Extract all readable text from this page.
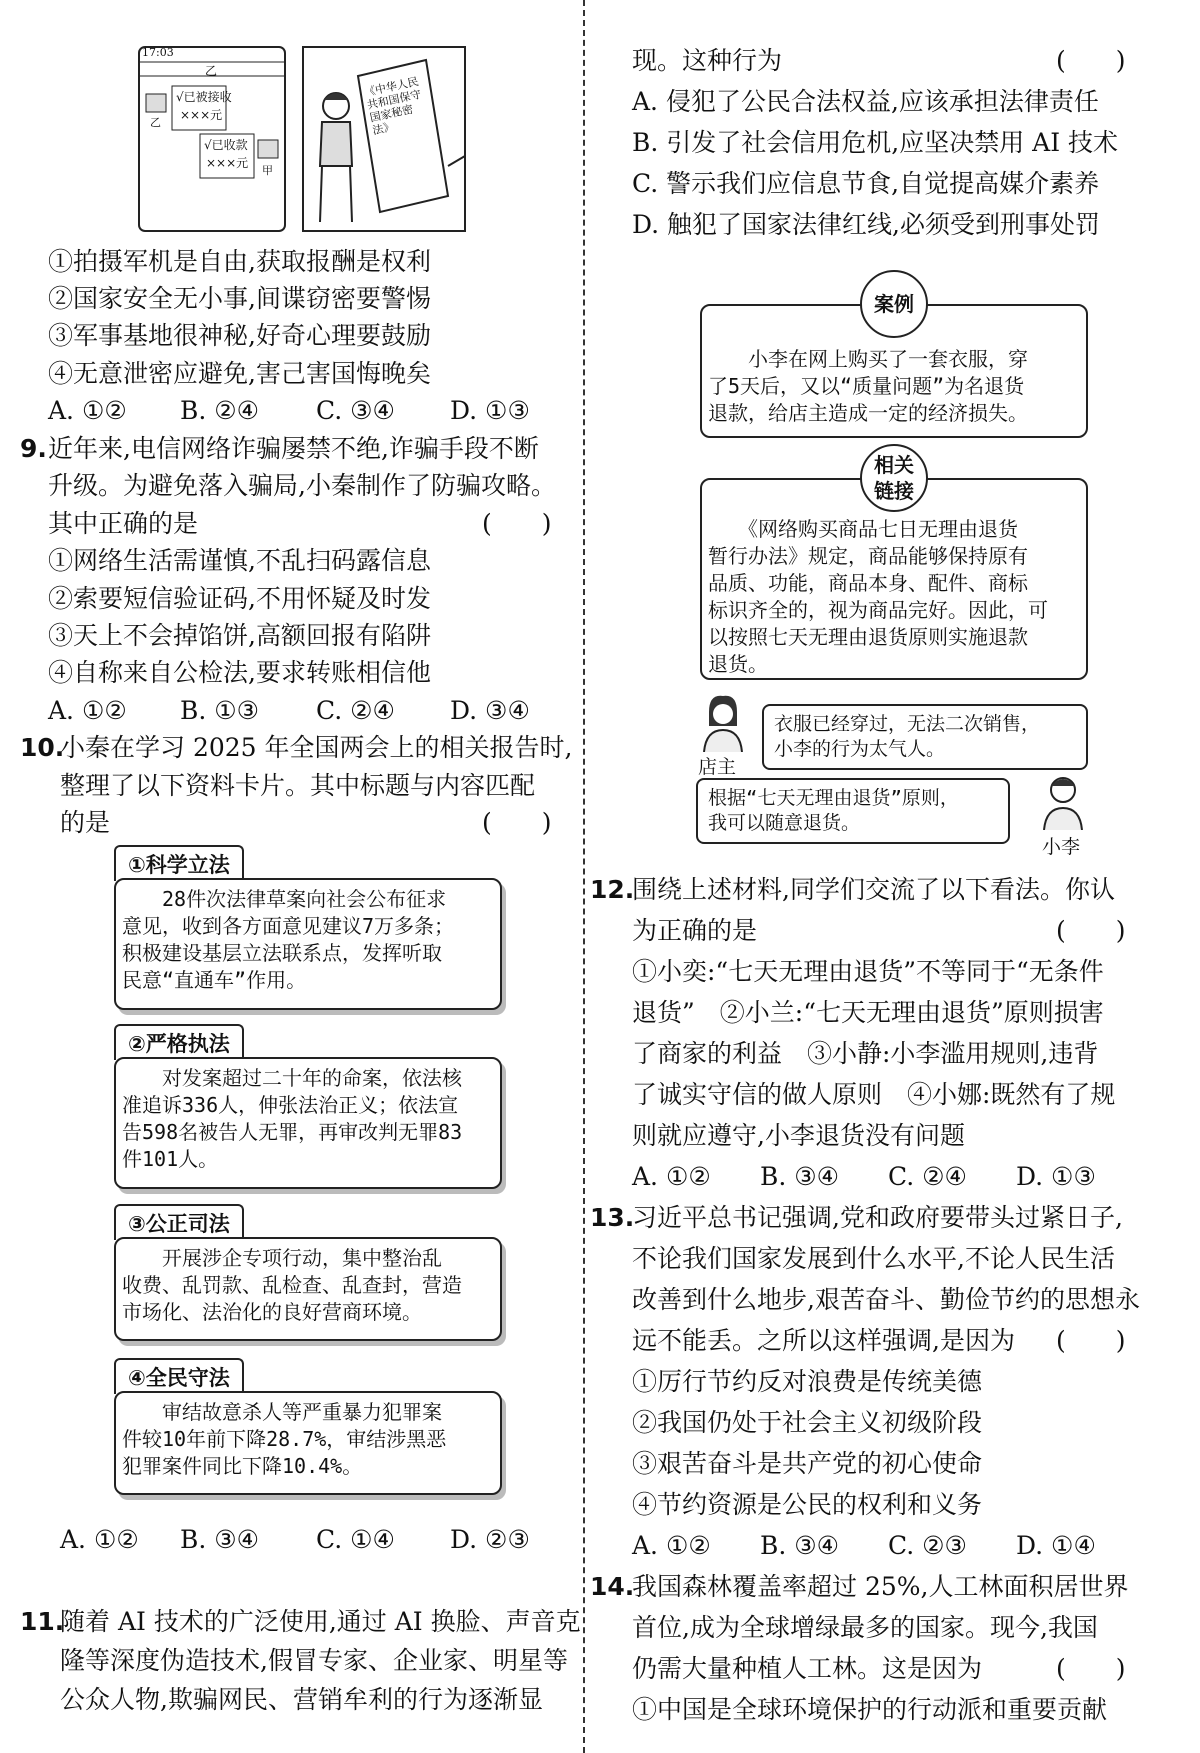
17:03
乙
√已被接收
×××元
乙
√已收款
×××元
甲
《中华人民共和国保守国家秘密法》
①拍摄军机是自由,获取报酬是权利
②国家安全无小事,间谍窃密要警惕
③军事基地很神秘,好奇心理要鼓励
④无意泄密应避免,害己害国悔晚矣
A. ①② B. ②④ C. ③④ D. ①③
9. 近年来,电信网络诈骗屡禁不绝,诈骗手段不断
升级。为避免落入骗局,小秦制作了防骗攻略。
其中正确的是	(　　)
①网络生活需谨慎,不乱扫码露信息
②索要短信验证码,不用怀疑及时发
③天上不会掉馅饼,高额回报有陷阱
④自称来自公检法,要求转账相信他
A. ①② B. ①③ C. ②④ D. ③④
10.
小秦在学习 2025 年全国两会上的相关报告时,
整理了以下资料卡片。其中标题与内容匹配
的是	(　　)
①科学立法
　　28件次法律草案向社会公布征求
意见，收到各方面意见建议7万多条；
积极建设基层立法联系点，发挥听取
民意“直通车”作用。
②严格执法
　　对发案超过二十年的命案，依法核
准追诉336人，伸张法治正义；依法宣
告598名被告人无罪，再审改判无罪83
件101人。
③公正司法
　　开展涉企专项行动，集中整治乱
收费、乱罚款、乱检查、乱查封，营造
市场化、法治化的良好营商环境。
④全民守法
　　审结故意杀人等严重暴力犯罪案
件较10年前下降28.7%，审结涉黑恶
犯罪案件同比下降10.4%。
A. ①② B. ③④ C. ①④ D. ②③
11.
随着 AI 技术的广泛使用,通过 AI 换脸、声音克
隆等深度伪造技术,假冒专家、企业家、明星等
公众人物,欺骗网民、营销牟利的行为逐渐显
现。这种行为	(　　)
A. 侵犯了公民合法权益,应该承担法律责任
B. 引发了社会信用危机,应坚决禁用 AI 技术
C. 警示我们应信息节食,自觉提高媒介素养
D. 触犯了国家法律红线,必须受到刑事处罚
案例
　　小李在网上购买了一套衣服，穿
了5天后，又以“质量问题”为名退货
退款，给店主造成一定的经济损失。
相关
链接
　　《网络购买商品七日无理由退货
暂行办法》规定，商品能够保持原有
品质、功能，商品本身、配件、商标
标识齐全的，视为商品完好。因此，可
以按照七天无理由退货原则实施退款
退货。
店主
衣服已经穿过，无法二次销售，
小李的行为太气人。
根据“七天无理由退货”原则，
我可以随意退货。
小李
12.
围绕上述材料,同学们交流了以下看法。你认
为正确的是	(　　)
①小奕:“七天无理由退货”不等同于“无条件
退货”　②小兰:“七天无理由退货”原则损害
了商家的利益　③小静:小李滥用规则,违背
了诚实守信的做人原则　④小娜:既然有了规
则就应遵守,小李退货没有问题
A. ①② B. ③④ C. ②④ D. ①③
13.
习近平总书记强调,党和政府要带头过紧日子,
不论我们国家发展到什么水平,不论人民生活
改善到什么地步,艰苦奋斗、勤俭节约的思想永
远不能丢。之所以这样强调,是因为 (　　)
①厉行节约反对浪费是传统美德
②我国仍处于社会主义初级阶段
③艰苦奋斗是共产党的初心使命
④节约资源是公民的权利和义务
A. ①② B. ③④ C. ②③ D. ①④
14.
我国森林覆盖率超过 25%,人工林面积居世界
首位,成为全球增绿最多的国家。现今,我国
仍需大量种植人工林。这是因为	(　　)
①中国是全球环境保护的行动派和重要贡献
